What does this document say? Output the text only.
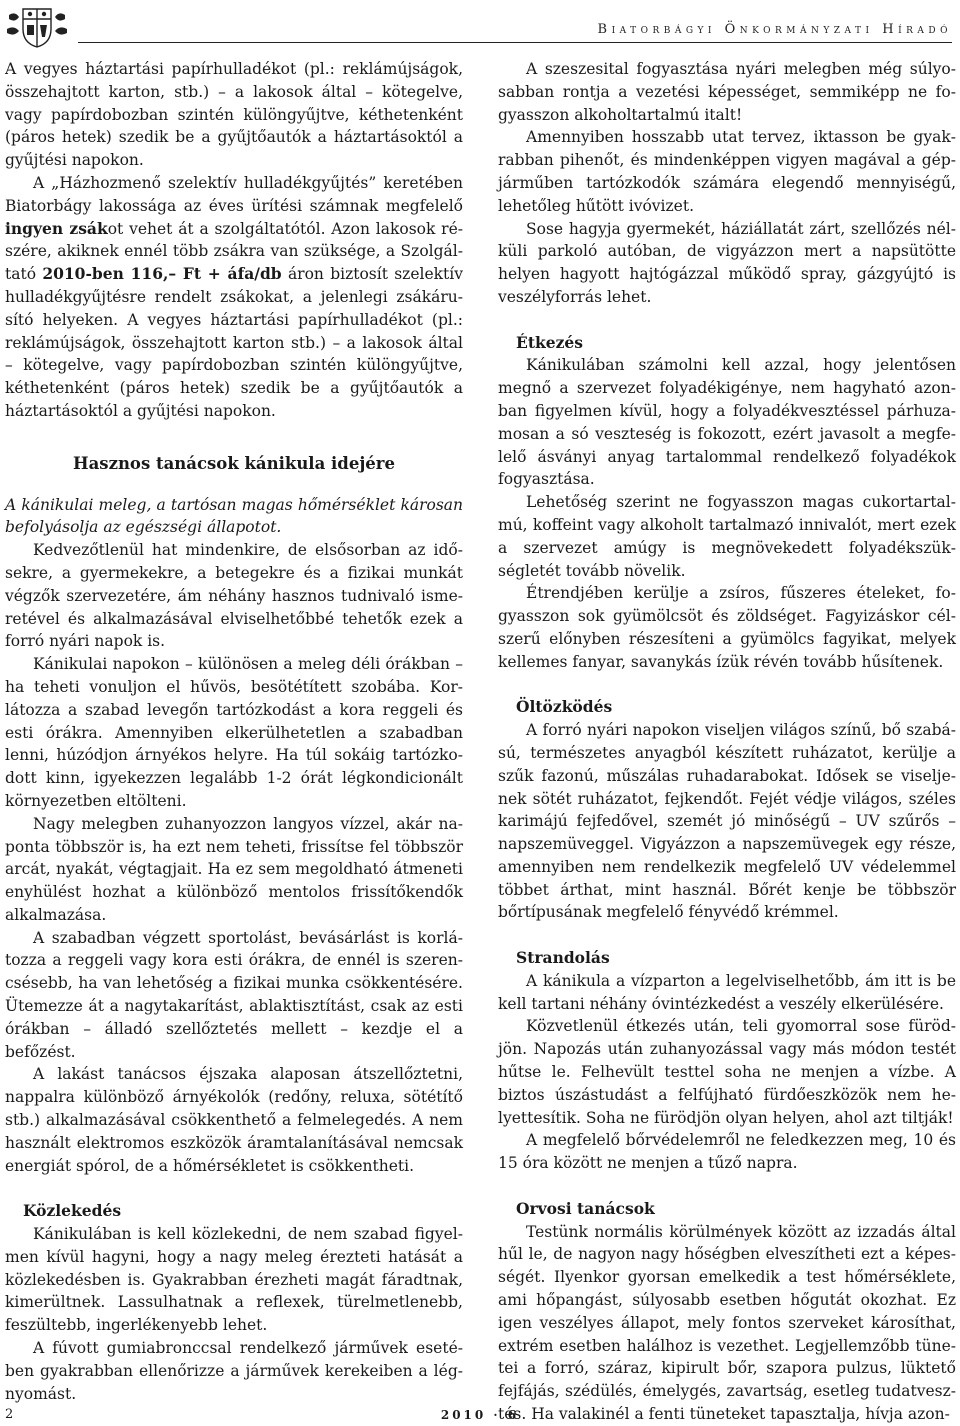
Biatorbágyi Önkormányzati Híradó

A vegyes háztartási papírhulladékot (pl.: reklámújságok, összehajtott karton, stb.) – a lakosok által – kötegelve, vagy papírdobozban szintén különgyűjtve, kéthetenként (páros hetek) szedik be a gyűjtőautók a háztartásoktól a gyűjtési napokon.

A „Házhozmenő szelektív hulladékgyűjtés” keretében Biatorbágy lakossága az éves ürítési számnak megfelelő ingyen zsákot vehet át a szolgáltatótól. Azon lakosok részére, akiknek ennél több zsákra van szüksége, a Szolgáltató 2010-ben 116,– Ft + áfa/db áron biztosít szelektív hulladékgyűjtésre rendelt zsákokat, a jelenlegi zsákárusító helyeken. A vegyes háztartási papírhulladékot (pl.: reklámújságok, összehajtott karton stb.) – a lakosok által – kötegelve, vagy papírdobozban szintén különgyűjtve, kéthetenként (páros hetek) szedik be a gyűjtőautók a háztartásoktól a gyűjtési napokon.

Hasznos tanácsok kánikula idejére

A kánikulai meleg, a tartósan magas hőmérséklet károsan befolyásolja az egészségi állapotot.

Kedvezőtlenül hat mindenkire, de elsősorban az idősekre, a gyermekekre, a betegekre és a fizikai munkát végzők szervezetére, ám néhány hasznos tudnivaló ismeretével és alkalmazásával elviselhetőbbé tehetők ezek a forró nyári napok is.

Kánikulai napokon – különösen a meleg déli órákban – ha teheti vonuljon el hűvös, besötétített szobába. Korlátozza a szabad levegőn tartózkodást a kora reggeli és esti órákra. Amennyiben elkerülhetetlen a szabadban lenni, húzódjon árnyékos helyre. Ha túl sokáig tartózkodott kinn, igyekezzen legalább 1-2 órát légkondicionált környezetben eltölteni.

Nagy melegben zuhanyozzon langyos vízzel, akár naponta többször is, ha ezt nem teheti, frissítse fel többször arcát, nyakát, végtagjait. Ha ez sem megoldható átmeneti enyhülést hozhat a különböző mentolos frissítőkendők alkalmazása.

A szabadban végzett sportolást, bevásárlást is korlátozza a reggeli vagy kora esti órákra, de ennél is szerencsésebb, ha van lehetőség a fizikai munka csökkentésére. Ütemezze át a nagytakarítást, ablaktisztítást, csak az esti órákban – álladó szellőztetés mellett – kezdje el a befőzést.

A lakást tanácsos éjszaka alaposan átszellőztetni, nappalra különböző árnyékolók (redőny, reluxa, sötétítő stb.) alkalmazásával csökkenthető a felmelegedés. A nem használt elektromos eszközök áramtalanításával nemcsak energiát spórol, de a hőmérsékletet is csökkentheti.

Közlekedés

Kánikulában is kell közlekedni, de nem szabad figyelmen kívül hagyni, hogy a nagy meleg érezteti hatását a közlekedésben is. Gyakrabban érezheti magát fáradtnak, kimerültnek. Lassulhatnak a reflexek, türelmetlenebb, feszültebb, ingerlékenyebb lehet.

A fúvott gumiabronccsal rendelkező járművek esetében gyakrabban ellenőrizze a járművek kerekeiben a légnyomást.

A szeszesital fogyasztása nyári melegben még súlyosabban rontja a vezetési képességet, semmiképp ne fogyasszon alkoholtartalmú italt!

Amennyiben hosszabb utat tervez, iktasson be gyakrabban pihenőt, és mindenképpen vigyen magával a gépjárműben tartózkodók számára elegendő mennyiségű, lehetőleg hűtött ivóvizet.

Sose hagyja gyermekét, háziállatát zárt, szellőzés nélküli parkoló autóban, de vigyázzon mert a napsütötte helyen hagyott hajtógázzal működő spray, gázgyújtó is veszélyforrás lehet.

Étkezés

Kánikulában számolni kell azzal, hogy jelentősen megnő a szervezet folyadékigénye, nem hagyható azonban figyelmen kívül, hogy a folyadékvesztéssel párhuzamosan a só veszteség is fokozott, ezért javasolt a megfelelő ásványi anyag tartalommal rendelkező folyadékok fogyasztása.

Lehetőség szerint ne fogyasszon magas cukortartalmú, koffeint vagy alkoholt tartalmazó innivalót, mert ezek a szervezet amúgy is megnövekedett folyadékszükségletét tovább növelik.

Étrendjében kerülje a zsíros, fűszeres ételeket, fogyasszon sok gyümölcsöt és zöldséget. Fagyizáskor célszerű előnyben részesíteni a gyümölcs fagyikat, melyek kellemes fanyar, savanykás ízük révén tovább hűsítenek.

Öltözködés

A forró nyári napokon viseljen világos színű, bő szabású, természetes anyagból készített ruházatot, kerülje a szűk fazonú, műszálas ruhadarabokat. Idősek se viseljenek sötét ruházatot, fejkendőt. Fejét védje világos, széles karimájú fejfedővel, szemét jó minőségű – UV szűrős – napszemüveggel. Vigyázzon a napszemüvegek egy része, amennyiben nem rendelkezik megfelelő UV védelemmel többet árthat, mint használ. Bőrét kenje be többször bőrtípusának megfelelő fényvédő krémmel.

Strandolás

A kánikula a vízparton a legelviselhetőbb, ám itt is be kell tartani néhány óvintézkedést a veszély elkerülésére.

Közvetlenül étkezés után, teli gyomorral sose fürödjön. Napozás után zuhanyozással vagy más módon testét hűtse le. Felhevült testtel soha ne menjen a vízbe. A biztos úszástudást a felfújható fürdőeszközök nem helyettesítik. Soha ne fürödjön olyan helyen, ahol azt tiltják!

A megfelelő bőrvédelemről ne feledkezzen meg, 10 és 15 óra között ne menjen a tűző napra.

Orvosi tanácsok

Testünk normális körülmények között az izzadás által hűl le, de nagyon nagy hőségben elveszítheti ezt a képességét. Ilyenkor gyorsan emelkedik a test hőmérséklete, ami hőpangást, súlyosabb esetben hőgutát okozhat. Ez igen veszélyes állapot, mely fontos szerveket károsíthat, extrém esetben halálhoz is vezethet. Legjellemzőbb tünetei a forró, száraz, kipirult bőr, szapora pulzus, lüktető fejfájás, szédülés, émelygés, zavartság, esetleg tudatvesztés. Ha valakinél a fenti tüneteket tapasztalja, hívja azon-

2	2010 · 6
